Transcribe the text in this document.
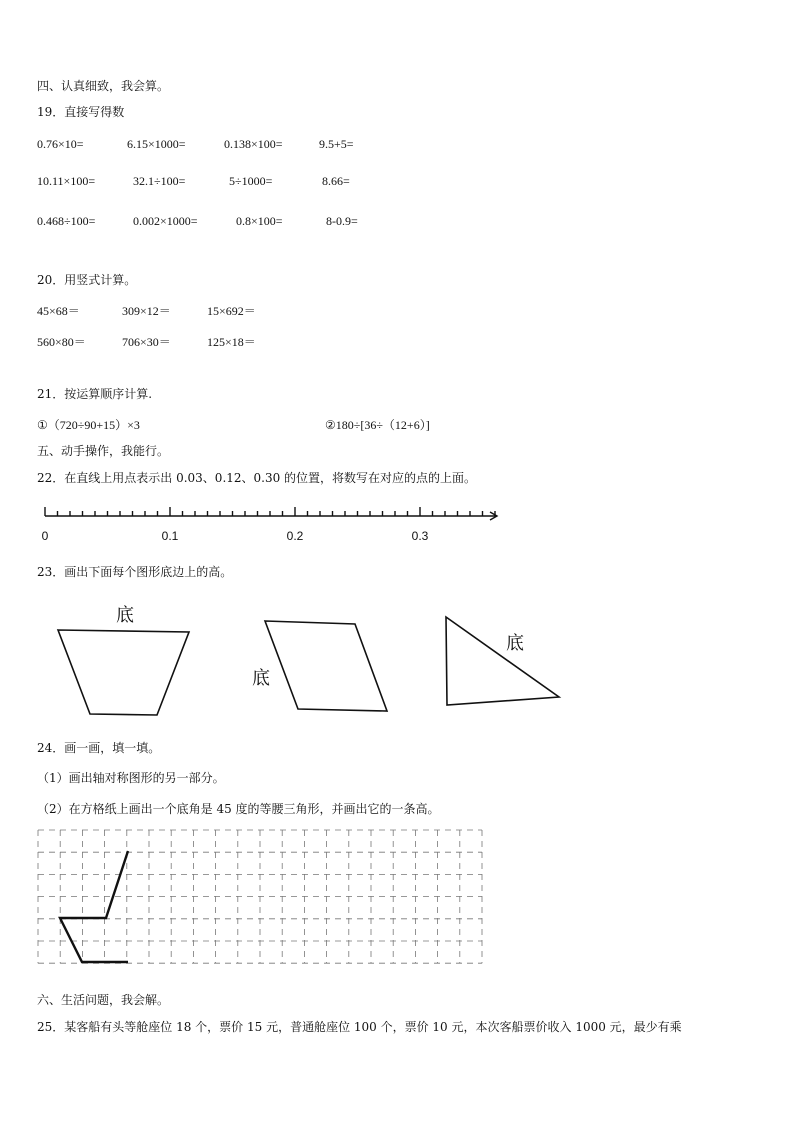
四、认真细致，我会算。
19．直接写得数
0.76×10=	6.15×1000=	0.138×100=	9.5+5=
10.11×100=	32.1÷100=	5÷1000=	8.66=
0.468÷100=	0.002×1000=	0.8×100=	8-0.9=
20．用竖式计算。
45×68＝	309×12＝	15×692＝
560×80＝	706×30＝	125×18＝
21．按运算顺序计算.
①（720÷90+15）×3	②180÷[36÷（12+6）]
五、动手操作，我能行。
22．在直线上用点表示出 0.03、0.12、0.30 的位置，将数写在对应的点的上面。
0	0.1	0.2	0.3
23．画出下面每个图形底边上的高。
底
底
底
24．画一画，填一填。
（1）画出轴对称图形的另一部分。
（2）在方格纸上画出一个底角是 45 度的等腰三角形，并画出它的一条高。
六、生活问题，我会解。
25．某客船有头等舱座位 18 个，票价 15 元，普通舱座位 100 个，票价 10 元，本次客船票价收入 1000 元，最少有乘
